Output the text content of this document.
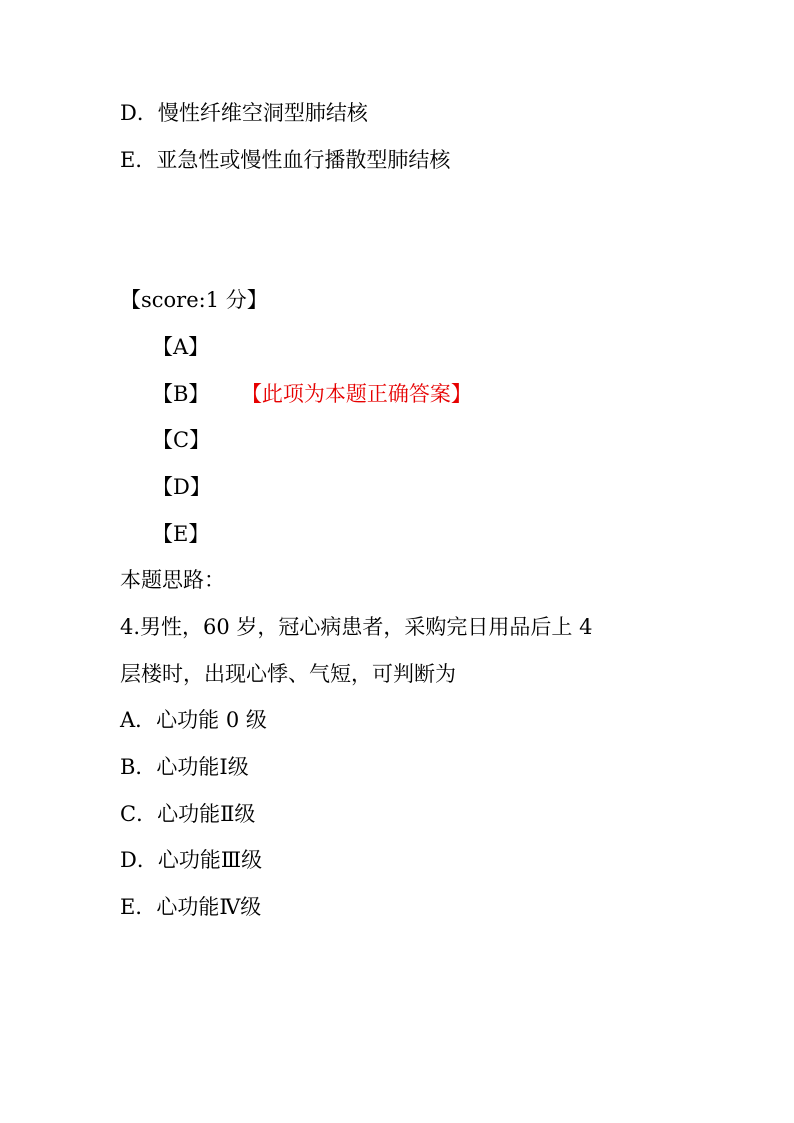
D．慢性纤维空洞型肺结核
E．亚急性或慢性血行播散型肺结核
【score:1 分】
【A】
【B】 【此项为本题正确答案】
【C】
【D】
【E】
本题思路：
4.男性，60 岁，冠心病患者，采购完日用品后上 4
层楼时，出现心悸、气短，可判断为
A．心功能 0 级
B．心功能Ⅰ级
C．心功能Ⅱ级
D．心功能Ⅲ级
E．心功能Ⅳ级
